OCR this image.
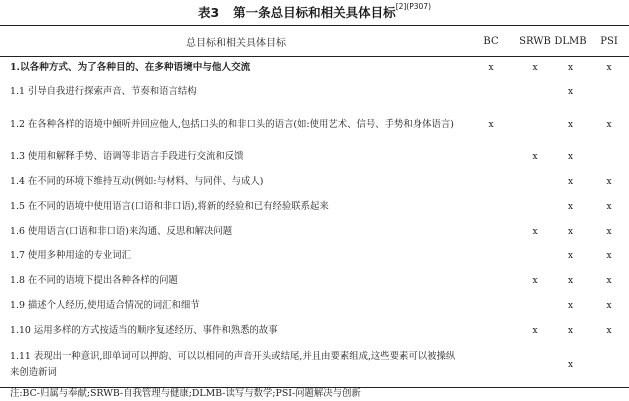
表3 第一条总目标和相关具体目标$^{[2](P307)}$
总目标和相关具体目标	BC	SRWB	DLMB	PSI
1.以各种方式、为了各种目的、在多种语境中与他人交流	x	x	x	x
1.1 引导自我进行探索声音、节奏和语言结构			x	
1.2 在各种各样的语境中倾听并回应他人,包括口头的和非口头的语言(如:使用艺术、信号、手势和身体语言)	x		x	x
1.3 使用和解释手势、语调等非语言手段进行交流和反馈		x	x	
1.4 在不同的环境下维持互动(例如:与材料、与同伴、与成人)			x	x
1.5 在不同的语境中使用语言(口语和非口语),将新的经验和已有经验联系起来			x	x
1.6 使用语言(口语和非口语)来沟通、反思和解决问题		x	x	x
1.7 使用多种用途的专业词汇			x	x
1.8 在不同的语境下提出各种各样的问题		x	x	x
1.9 描述个人经历,使用适合情况的词汇和细节			x	x
1.10 运用多样的方式按适当的顺序复述经历、事件和熟悉的故事		x	x	x
1.11 表现出一种意识,即单词可以押韵、可以以相同的声音开头或结尾,并且由要素组成,这些要素可以被操纵来创造新词			x	
注:BC-归属与奉献;SRWB-自我管理与健康;DLMB-读写与数学;PSI-问题解决与创新
